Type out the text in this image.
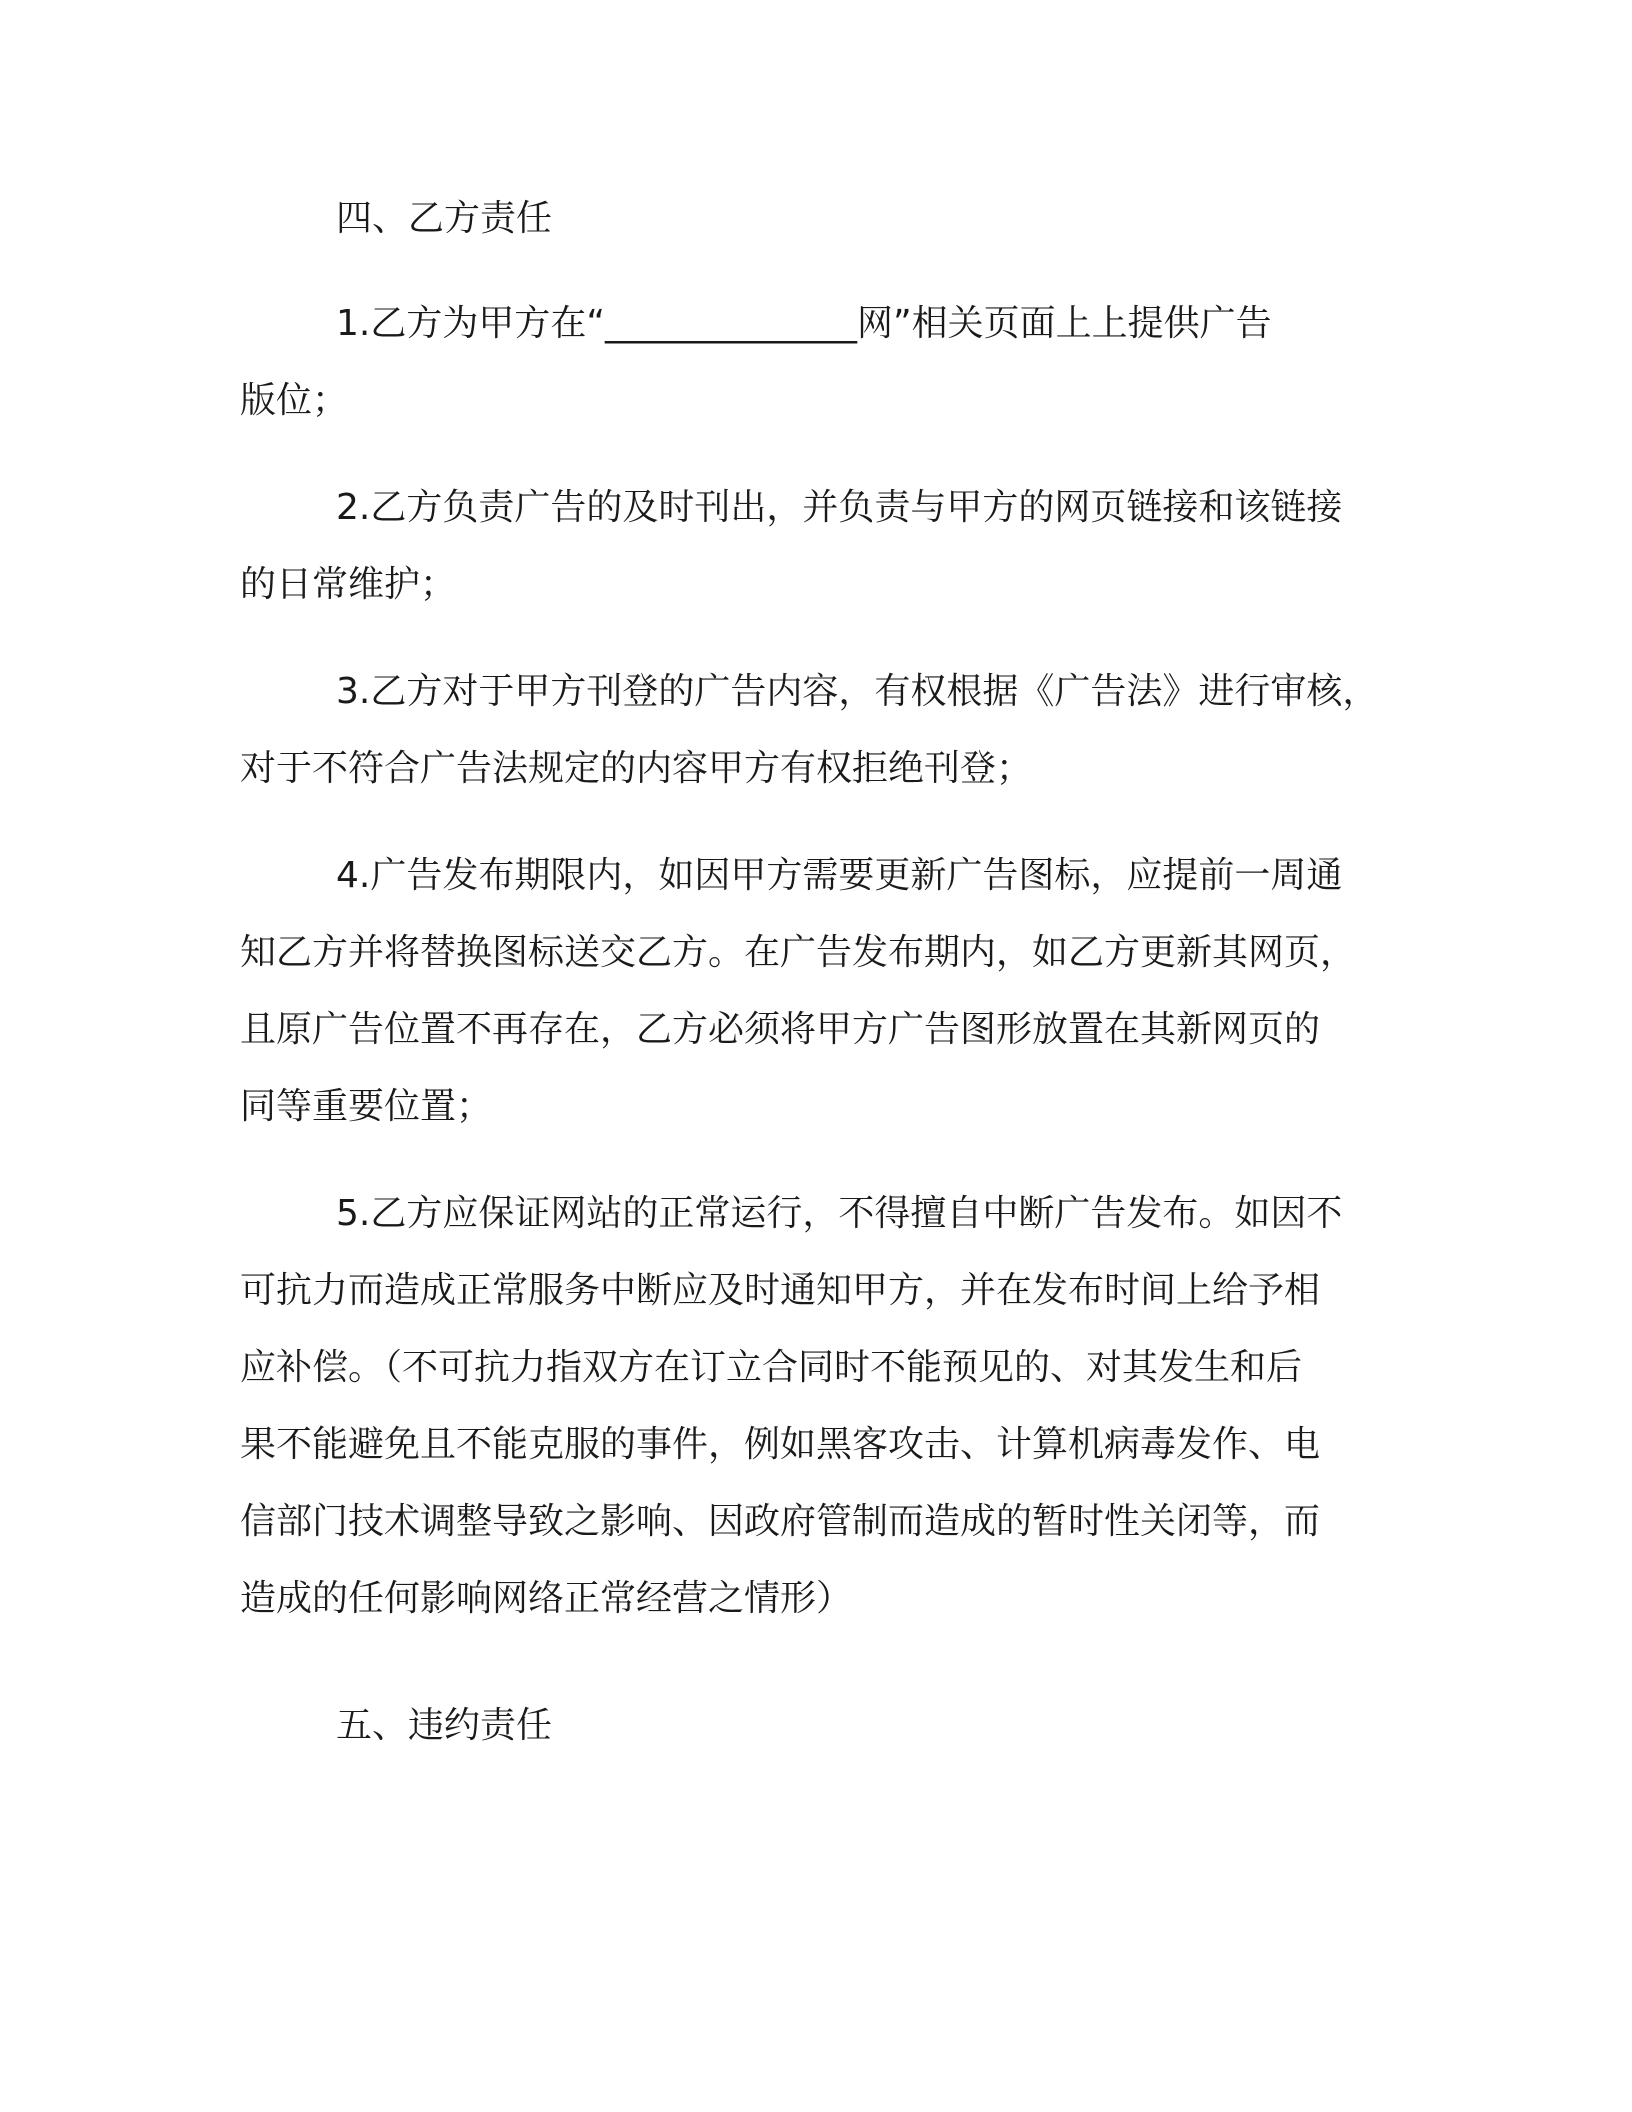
四、乙方责任

1.乙方为甲方在“______________网”相关页面上上提供广告
版位；
2.乙方负责广告的及时刊出，并负责与甲方的网页链接和该链接
的日常维护；
3.乙方对于甲方刊登的广告内容，有权根据《广告法》进行审核，
对于不符合广告法规定的内容甲方有权拒绝刊登；
4.广告发布期限内，如因甲方需要更新广告图标，应提前一周通
知乙方并将替换图标送交乙方。在广告发布期内，如乙方更新其网页，
且原广告位置不再存在，乙方必须将甲方广告图形放置在其新网页的
同等重要位置；
5.乙方应保证网站的正常运行，不得擅自中断广告发布。如因不
可抗力而造成正常服务中断应及时通知甲方，并在发布时间上给予相
应补偿。（不可抗力指双方在订立合同时不能预见的、对其发生和后
果不能避免且不能克服的事件，例如黑客攻击、计算机病毒发作、电
信部门技术调整导致之影响、因政府管制而造成的暂时性关闭等，而
造成的任何影响网络正常经营之情形）

五、违约责任
